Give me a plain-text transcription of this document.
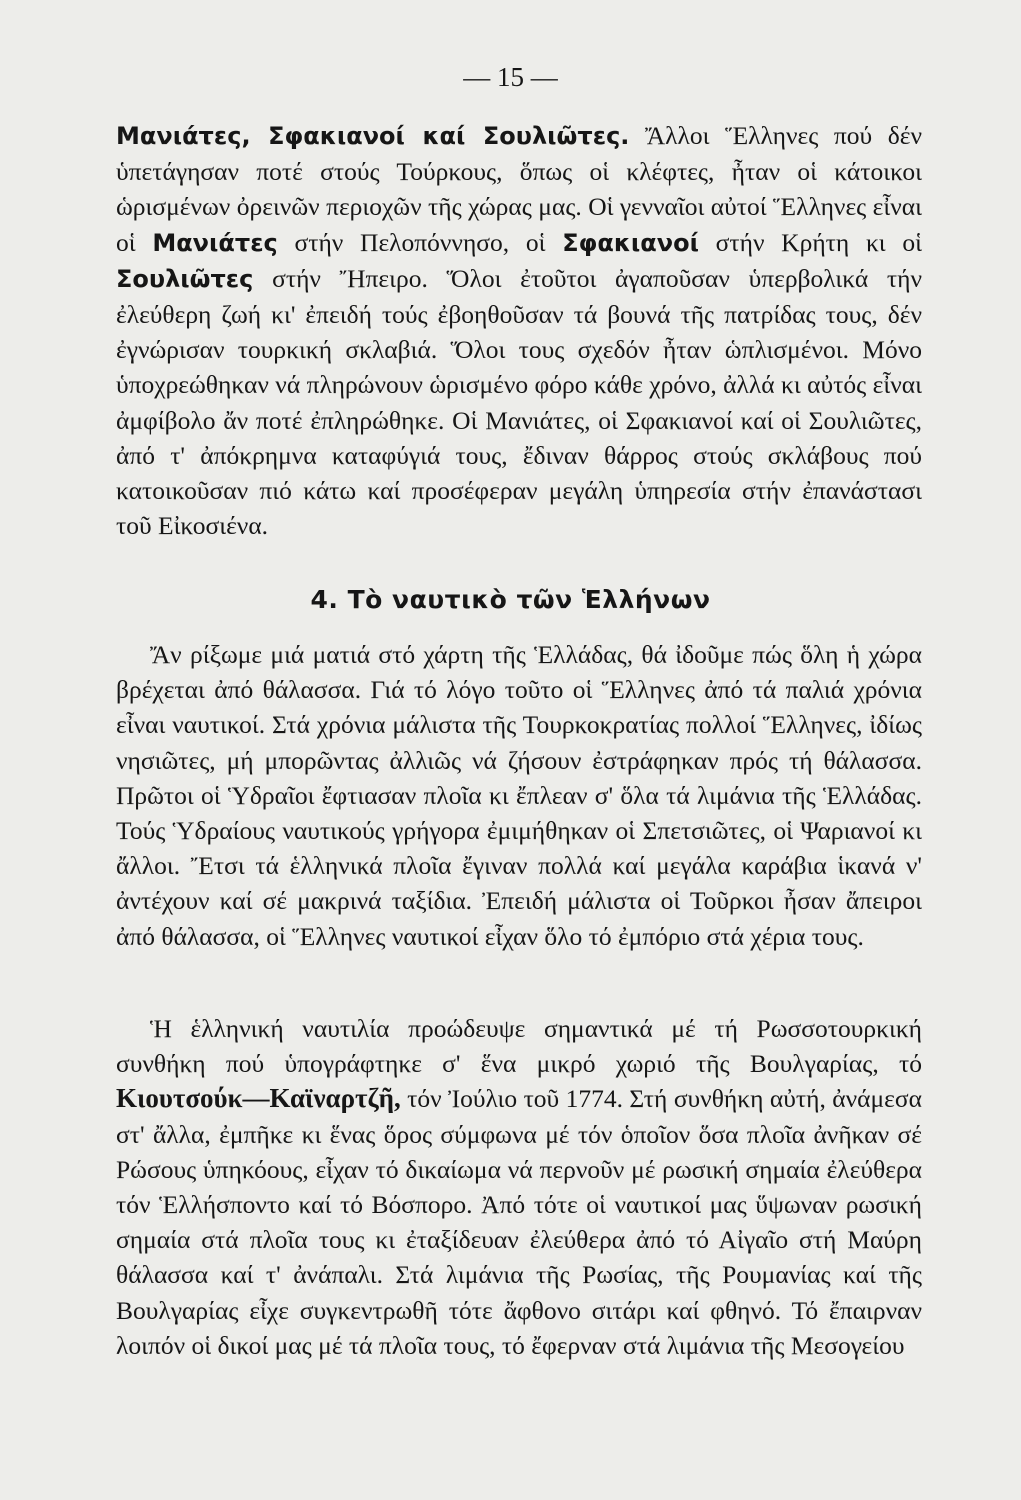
— 15 —

Μανιάτες, Σφακιανοί καί Σουλιῶτες. Ἄλλοι Ἕλληνες πού δέν ὑπετάγησαν ποτέ στούς Τούρκους, ὅπως οἱ κλέφτες, ἦταν οἱ κάτοικοι ὡρισμένων ὀρεινῶν περιοχῶν τῆς χώρας μας. Οἱ γενναῖοι αὐτοί Ἕλληνες εἶναι οἱ Μανιάτες στήν Πελοπόννησο, οἱ Σφακιανοί στήν Κρήτη κι οἱ Σουλιῶτες στήν Ἤπειρο. Ὅλοι ἐτοῦτοι ἀγαποῦσαν ὑπερβολικά τήν ἐλεύθερη ζωή κι' ἐπειδή τούς ἐβοηθοῦσαν τά βουνά τῆς πατρίδας τους, δέν ἐγνώρισαν τουρκική σκλαβιά. Ὅλοι τους σχεδόν ἦταν ὡπλισμένοι. Μόνο ὑποχρεώθηκαν νά πληρώνουν ὡρισμένο φόρο κάθε χρόνο, ἀλλά κι αὐτός εἶναι ἀμφίβολο ἄν ποτέ ἐπληρώθηκε. Οἱ Μανιάτες, οἱ Σφακιανοί καί οἱ Σουλιῶτες, ἀπό τ' ἀπόκρημνα καταφύγιά τους, ἔδιναν θάρρος στούς σκλάβους πού κατοικοῦσαν πιό κάτω καί προσέφεραν μεγάλη ὑπηρεσία στήν ἐπανάστασι τοῦ Εἰκοσιένα.

4. Τὸ ναυτικὸ τῶν Ἑλλήνων

Ἄν ρίξωμε μιά ματιά στό χάρτη τῆς Ἑλλάδας, θά ἰδοῦμε πώς ὅλη ἡ χώρα βρέχεται ἀπό θάλασσα. Γιά τό λόγο τοῦτο οἱ Ἕλληνες ἀπό τά παλιά χρόνια εἶναι ναυτικοί. Στά χρόνια μάλιστα τῆς Τουρκοκρατίας πολλοί Ἕλληνες, ἰδίως νησιῶτες, μή μπορῶντας ἀλλιῶς νά ζήσουν ἐστράφηκαν πρός τή θάλασσα. Πρῶτοι οἱ Ὑδραῖοι ἔφτιασαν πλοῖα κι ἔπλεαν σ' ὅλα τά λιμάνια τῆς Ἑλλάδας. Τούς Ὑδραίους ναυτικούς γρήγορα ἐμιμήθηκαν οἱ Σπετσιῶτες, οἱ Ψαριανοί κι ἄλλοι. Ἔτσι τά ἑλληνικά πλοῖα ἔγιναν πολλά καί μεγάλα καράβια ἱκανά ν' ἀντέχουν καί σέ μακρινά ταξίδια. Ἐπειδή μάλιστα οἱ Τοῦρκοι ἦσαν ἄπειροι ἀπό θάλασσα, οἱ Ἕλληνες ναυτικοί εἶχαν ὅλο τό ἐμπόριο στά χέρια τους.

Ἡ ἑλληνική ναυτιλία προώδευψε σημαντικά μέ τή Ρωσσοτουρκική συνθήκη πού ὑπογράφτηκε σ' ἕνα μικρό χωριό τῆς Βουλγαρίας, τό Κιουτσούκ—Καϊναρτζῆ, τόν Ἰούλιο τοῦ 1774. Στή συνθήκη αὐτή, ἀνάμεσα στ' ἄλλα, ἐμπῆκε κι ἕνας ὅρος σύμφωνα μέ τόν ὁποῖον ὅσα πλοῖα ἀνῆκαν σέ Ρώσους ὑπηκόους, εἶχαν τό δικαίωμα νά περνοῦν μέ ρωσική σημαία ἐλεύθερα τόν Ἑλλήσποντο καί τό Βόσπορο. Ἀπό τότε οἱ ναυτικοί μας ὕψωναν ρωσική σημαία στά πλοῖα τους κι ἐταξίδευαν ἐλεύθερα ἀπό τό Αἰγαῖο στή Μαύρη θάλασσα καί τ' ἀνάπαλι. Στά λιμάνια τῆς Ρωσίας, τῆς Ρουμανίας καί τῆς Βουλγαρίας εἶχε συγκεντρωθῆ τότε ἄφθονο σιτάρι καί φθηνό. Τό ἔπαιρναν λοιπόν οἱ δικοί μας μέ τά πλοῖα τους, τό ἔφερναν στά λιμάνια τῆς Μεσογείου
